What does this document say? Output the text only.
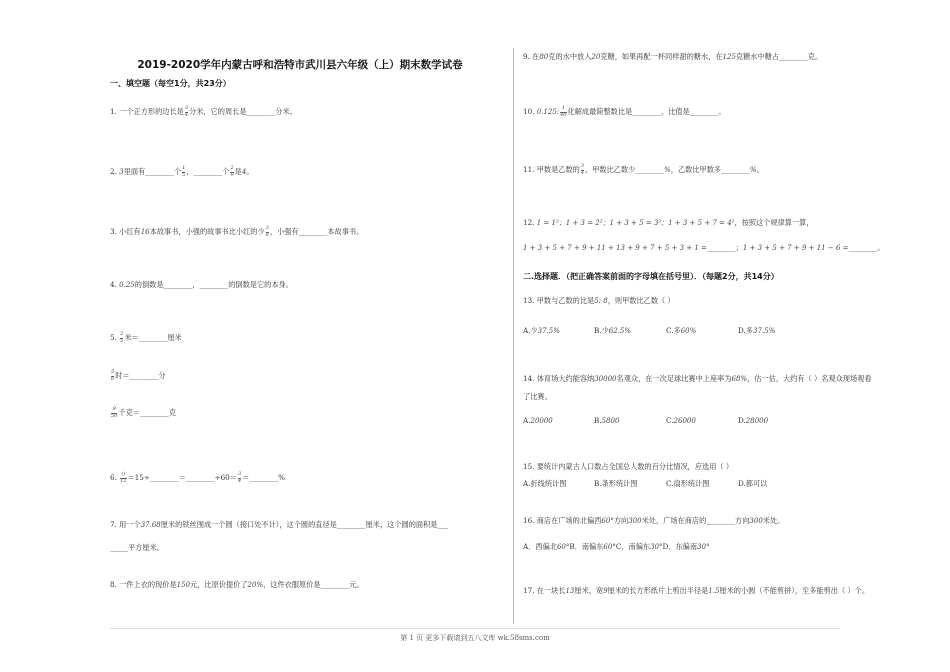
2019-2020学年内蒙古呼和浩特市武川县六年级（上）期末数学试卷
一、填空题（每空1分，共23分）
1. 一个正方形的边长是 $\frac{3}{4}$ 分米，它的周长是________分米。
2. 3里面有________个 $\frac{1}{5}$ ，________个 $\frac{2}{9}$ 是4。
3. 小红有16本故事书，小强的故事书比小红的少 $\frac{3}{8}$ ，小强有________本故事书。
4. 0.25的倒数是________，________的倒数是它的本身。
5. $\frac{2}{5}$ 米＝________厘米
$\frac{5}{6}$ 时＝________分
$\frac{9}{50}$ 千克＝________克
6. $\frac{()}{12}$ ＝15÷________＝________÷60＝ $\frac{3}{4}$ ＝________%
7. 用一个37.68厘米的铁丝围成一个圆（接口处不计），这个圆的直径是________厘米，这个圆的面积是___
_____平方厘米。
8. 一件上衣的现价是150元，比原价提价了20%，这件衣服原价是________元。
9. 在80克的水中放入20克糖，如果再配一杯同样甜的糖水，在125克糖水中糖占________克。
10. 0.125: $\frac{1}{40}$ 化解成最简整数比是________，比值是________。
11. 甲数是乙数的 $\frac{3}{4}$ ，甲数比乙数少________%，乙数比甲数多________%。
12. 1 = 1²；1 + 3 = 2²；1 + 3 + 5 = 3²；1 + 3 + 5 + 7 = 4²，按照这个规律算一算，
1 + 3 + 5 + 7 + 9 + 11 + 13 + 9 + 7 + 5 + 3 + 1 =________；1 + 3 + 5 + 7 + 9 + 11 − 6 =________。
二.选择题．（把正确答案前面的字母填在括号里）．（每题2分，共14分）
13. 甲数与乙数的比是5: 8，则甲数比乙数（ ）
A.少37.5%	B.少62.5%	C.多60%	D.多37.5%
14. 体育场大约能容纳30000名观众，在一次足球比赛中上座率为68%，估一估，大约有（ ）名观众现场观看
了比赛。
A.20000	B.5800	C.26000	D.28000
15. 要统计内蒙古人口数占全国总人数的百分比情况，应选用（ ）
A.折线统计图	B.条形统计图	C.扇形统计图	D.都可以
16. 商店在广场的北偏西60°方向300米处，广场在商店的________方向300米处。
A．西偏北60°B．南偏东60°C．南偏东30°D．东偏南30°
17. 在一块长13厘米，宽9厘米的长方形纸片上剪出半径是1.5厘米的小圆（不能剪拼），至多能剪出（ ）个。
第 1 页 更多下载请到五八文库 wk.58sms.com
